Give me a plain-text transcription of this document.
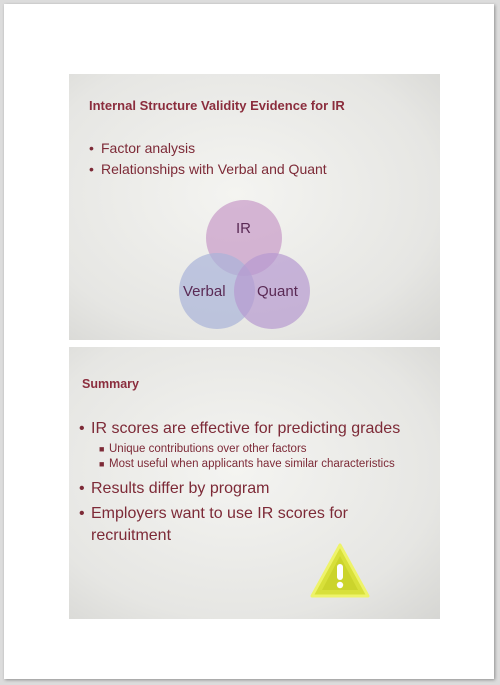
Internal Structure Validity Evidence for IR
• Factor analysis
• Relationships with Verbal and Quant
IR
Verbal Quant
Summary
• IR scores are effective for predicting grades
■ Unique contributions over other factors
■ Most useful when applicants have similar characteristics
• Results differ by program
• Employers want to use IR scores for recruitment
